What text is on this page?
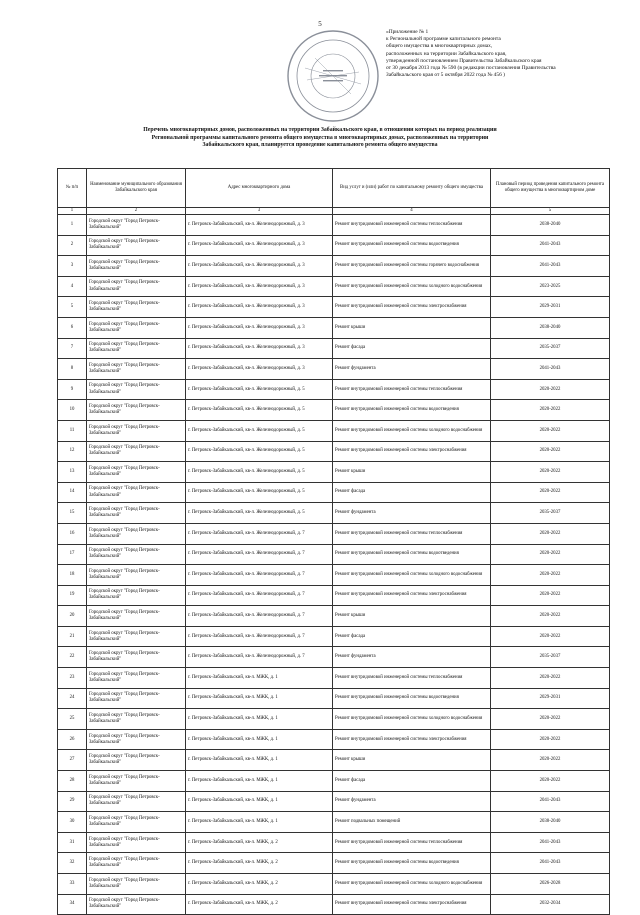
5
«Приложение № 1
к Региональной программе капитального ремонта
общего имущества в многоквартирных домах,
расположенных на территории Забайкальского края,
утвержденной постановлением Правительства Забайкальского края
от 30 декабря 2013 года № 590 (в редакции постановления Правительства
Забайкальского края от 5 октября 2022 года № 456 )
Перечень многоквартирных домов, расположенных на территории Забайкальского края, в отношении которых на период реализации
Региональной программы капитального ремонта общего имущества в многоквартирных домах, расположенных на территории
Забайкальского края, планируется проведение капитального ремонта общего имущества
№ п/п	Наименование муниципального образования Забайкальского края	Адрес многоквартирного дома	Вид услуг и (или) работ по капитальному ремонту общего имущества	Плановый период проведения капитального ремонта общего имущества в многоквартирном доме
1	2	3	4	5
1	Городской округ "Город Петровск-Забайкальский"	г. Петровск-Забайкальский, кв-л. Железнодорожный, д. 3	Ремонт внутридомовой инженерной системы теплоснабжения	2038-2040
2	Городской округ "Город Петровск-Забайкальский"	г. Петровск-Забайкальский, кв-л. Железнодорожный, д. 3	Ремонт внутридомовой инженерной системы водоотведения	2041-2043
3	Городской округ "Город Петровск-Забайкальский"	г. Петровск-Забайкальский, кв-л. Железнодорожный, д. 3	Ремонт внутридомовой инженерной системы горячего водоснабжения	2041-2043
4	Городской округ "Город Петровск-Забайкальский"	г. Петровск-Забайкальский, кв-л. Железнодорожный, д. 3	Ремонт внутридомовой инженерной системы холодного водоснабжения	2023-2025
5	Городской округ "Город Петровск-Забайкальский"	г. Петровск-Забайкальский, кв-л. Железнодорожный, д. 3	Ремонт внутридомовой инженерной системы электроснабжения	2029-2031
6	Городской округ "Город Петровск-Забайкальский"	г. Петровск-Забайкальский, кв-л. Железнодорожный, д. 3	Ремонт крыши	2038-2040
7	Городской округ "Город Петровск-Забайкальский"	г. Петровск-Забайкальский, кв-л. Железнодорожный, д. 3	Ремонт фасада	2035-2037
8	Городской округ "Город Петровск-Забайкальский"	г. Петровск-Забайкальский, кв-л. Железнодорожный, д. 3	Ремонт фундамента	2041-2043
9	Городской округ "Город Петровск-Забайкальский"	г. Петровск-Забайкальский, кв-л. Железнодорожный, д. 5	Ремонт внутридомовой инженерной системы теплоснабжения	2020-2022
10	Городской округ "Город Петровск-Забайкальский"	г. Петровск-Забайкальский, кв-л. Железнодорожный, д. 5	Ремонт внутридомовой инженерной системы водоотведения	2020-2022
11	Городской округ "Город Петровск-Забайкальский"	г. Петровск-Забайкальский, кв-л. Железнодорожный, д. 5	Ремонт внутридомовой инженерной системы холодного водоснабжения	2020-2022
12	Городской округ "Город Петровск-Забайкальский"	г. Петровск-Забайкальский, кв-л. Железнодорожный, д. 5	Ремонт внутридомовой инженерной системы электроснабжения	2020-2022
13	Городской округ "Город Петровск-Забайкальский"	г. Петровск-Забайкальский, кв-л. Железнодорожный, д. 5	Ремонт крыши	2020-2022
14	Городской округ "Город Петровск-Забайкальский"	г. Петровск-Забайкальский, кв-л. Железнодорожный, д. 5	Ремонт фасада	2020-2022
15	Городской округ "Город Петровск-Забайкальский"	г. Петровск-Забайкальский, кв-л. Железнодорожный, д. 5	Ремонт фундамента	2035-2037
16	Городской округ "Город Петровск-Забайкальский"	г. Петровск-Забайкальский, кв-л. Железнодорожный, д. 7	Ремонт внутридомовой инженерной системы теплоснабжения	2020-2022
17	Городской округ "Город Петровск-Забайкальский"	г. Петровск-Забайкальский, кв-л. Железнодорожный, д. 7	Ремонт внутридомовой инженерной системы водоотведения	2020-2022
18	Городской округ "Город Петровск-Забайкальский"	г. Петровск-Забайкальский, кв-л. Железнодорожный, д. 7	Ремонт внутридомовой инженерной системы холодного водоснабжения	2020-2022
19	Городской округ "Город Петровск-Забайкальский"	г. Петровск-Забайкальский, кв-л. Железнодорожный, д. 7	Ремонт внутридомовой инженерной системы электроснабжения	2020-2022
20	Городской округ "Город Петровск-Забайкальский"	г. Петровск-Забайкальский, кв-л. Железнодорожный, д. 7	Ремонт крыши	2020-2022
21	Городской округ "Город Петровск-Забайкальский"	г. Петровск-Забайкальский, кв-л. Железнодорожный, д. 7	Ремонт фасада	2020-2022
22	Городской округ "Город Петровск-Забайкальский"	г. Петровск-Забайкальский, кв-л. Железнодорожный, д. 7	Ремонт фундамента	2035-2037
23	Городской округ "Город Петровск-Забайкальский"	г. Петровск-Забайкальский, кв-л. МЖК, д. 1	Ремонт внутридомовой инженерной системы теплоснабжения	2020-2022
24	Городской округ "Город Петровск-Забайкальский"	г. Петровск-Забайкальский, кв-л. МЖК, д. 1	Ремонт внутридомовой инженерной системы водоотведения	2029-2031
25	Городской округ "Город Петровск-Забайкальский"	г. Петровск-Забайкальский, кв-л. МЖК, д. 1	Ремонт внутридомовой инженерной системы холодного водоснабжения	2020-2022
26	Городской округ "Город Петровск-Забайкальский"	г. Петровск-Забайкальский, кв-л. МЖК, д. 1	Ремонт внутридомовой инженерной системы электроснабжения	2020-2022
27	Городской округ "Город Петровск-Забайкальский"	г. Петровск-Забайкальский, кв-л. МЖК, д. 1	Ремонт крыши	2020-2022
28	Городской округ "Город Петровск-Забайкальский"	г. Петровск-Забайкальский, кв-л. МЖК, д. 1	Ремонт фасада	2020-2022
29	Городской округ "Город Петровск-Забайкальский"	г. Петровск-Забайкальский, кв-л. МЖК, д. 1	Ремонт фундамента	2041-2043
30	Городской округ "Город Петровск-Забайкальский"	г. Петровск-Забайкальский, кв-л. МЖК, д. 1	Ремонт подвальных помещений	2038-2040
31	Городской округ "Город Петровск-Забайкальский"	г. Петровск-Забайкальский, кв-л. МЖК, д. 2	Ремонт внутридомовой инженерной системы теплоснабжения	2041-2043
32	Городской округ "Город Петровск-Забайкальский"	г. Петровск-Забайкальский, кв-л. МЖК, д. 2	Ремонт внутридомовой инженерной системы водоотведения	2041-2043
33	Городской округ "Город Петровск-Забайкальский"	г. Петровск-Забайкальский, кв-л. МЖК, д. 2	Ремонт внутридомовой инженерной системы холодного водоснабжения	2026-2028
34	Городской округ "Город Петровск-Забайкальский"	г. Петровск-Забайкальский, кв-л. МЖК, д. 2	Ремонт внутридомовой инженерной системы электроснабжения	2032-2034
